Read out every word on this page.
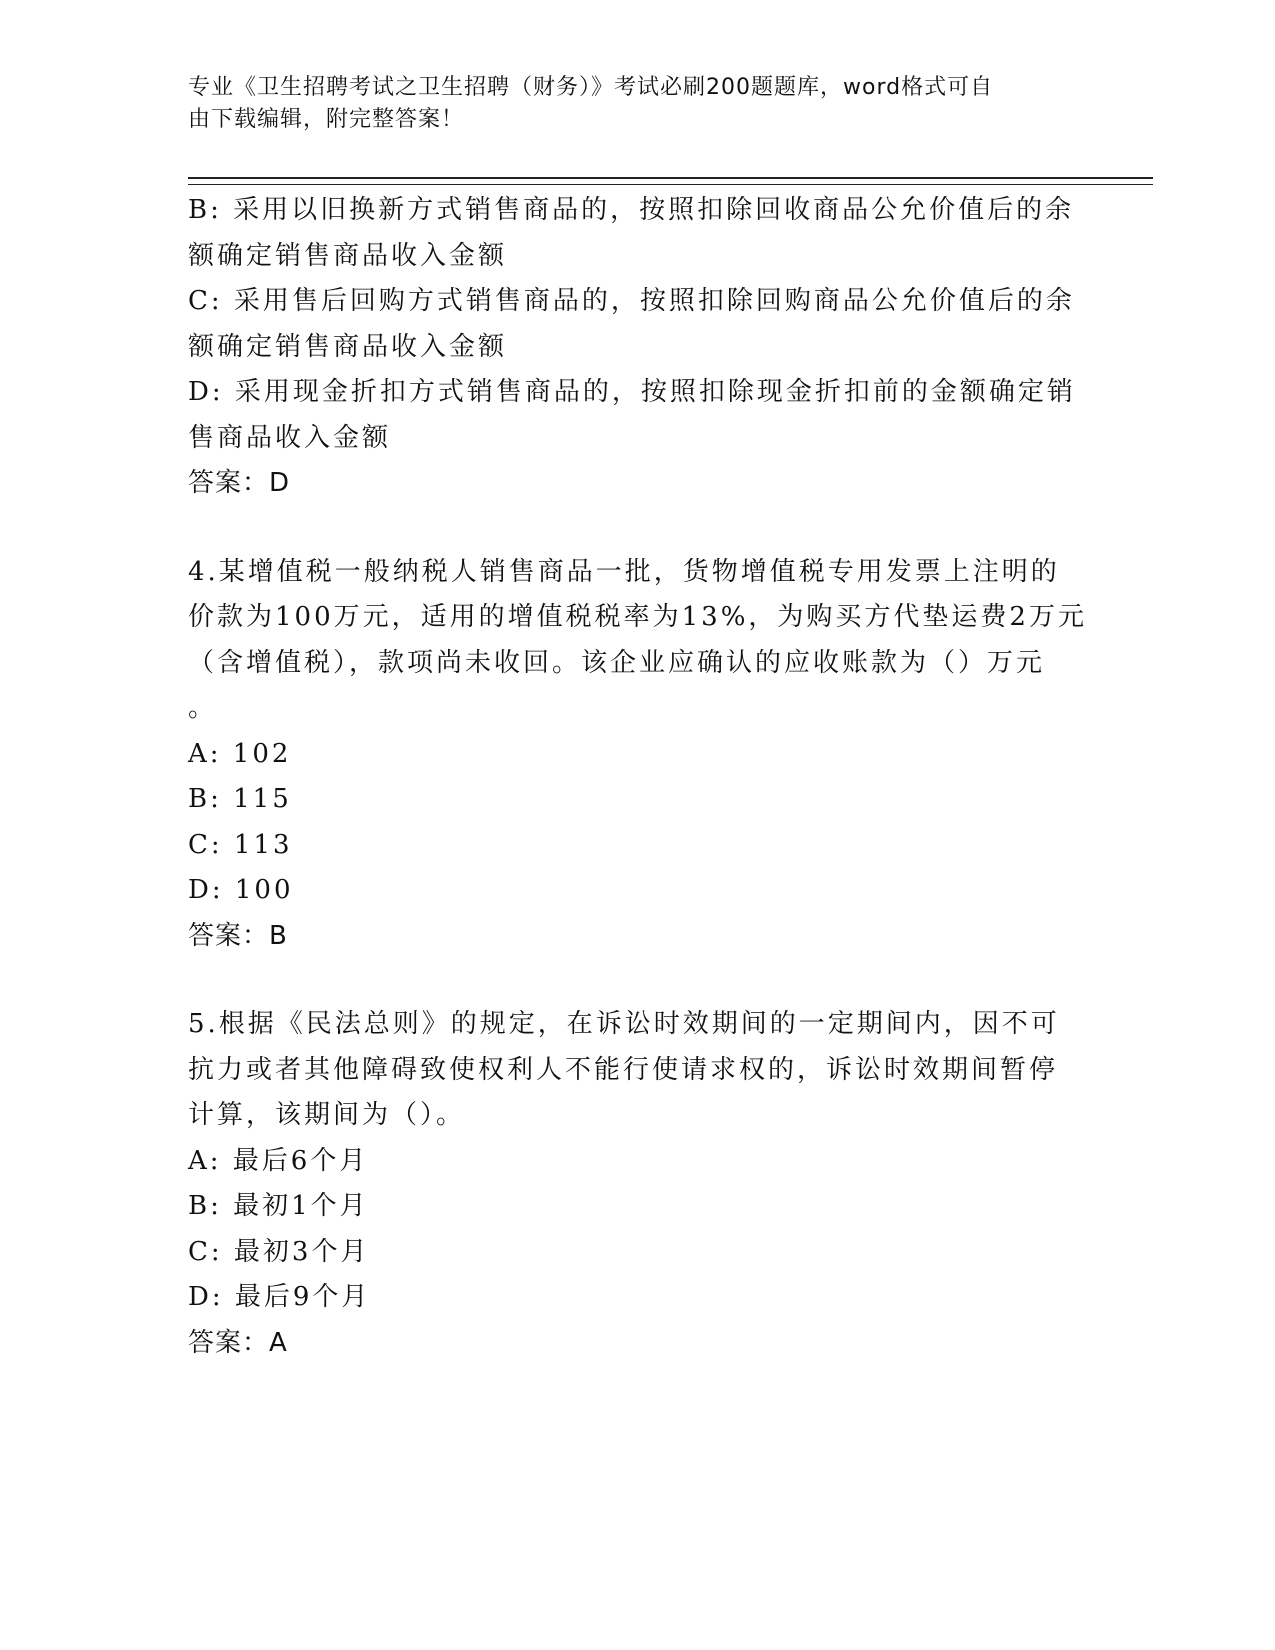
专业《卫生招聘考试之卫生招聘（财务）》考试必刷200题题库，word格式可自
由下载编辑，附完整答案！
B: 采用以旧换新方式销售商品的，按照扣除回收商品公允价值后的余
额确定销售商品收入金额
C: 采用售后回购方式销售商品的，按照扣除回购商品公允价值后的余
额确定销售商品收入金额
D: 采用现金折扣方式销售商品的，按照扣除现金折扣前的金额确定销
售商品收入金额
答案：D
4.某增值税一般纳税人销售商品一批，货物增值税专用发票上注明的
价款为100万元，适用的增值税税率为13%，为购买方代垫运费2万元
（含增值税），款项尚未收回。该企业应确认的应收账款为（）万元
。
A: 102
B: 115
C: 113
D: 100
答案：B
5.根据《民法总则》的规定，在诉讼时效期间的一定期间内，因不可
抗力或者其他障碍致使权利人不能行使请求权的，诉讼时效期间暂停
计算，该期间为（）。
A: 最后6个月
B: 最初1个月
C: 最初3个月
D: 最后9个月
答案：A
